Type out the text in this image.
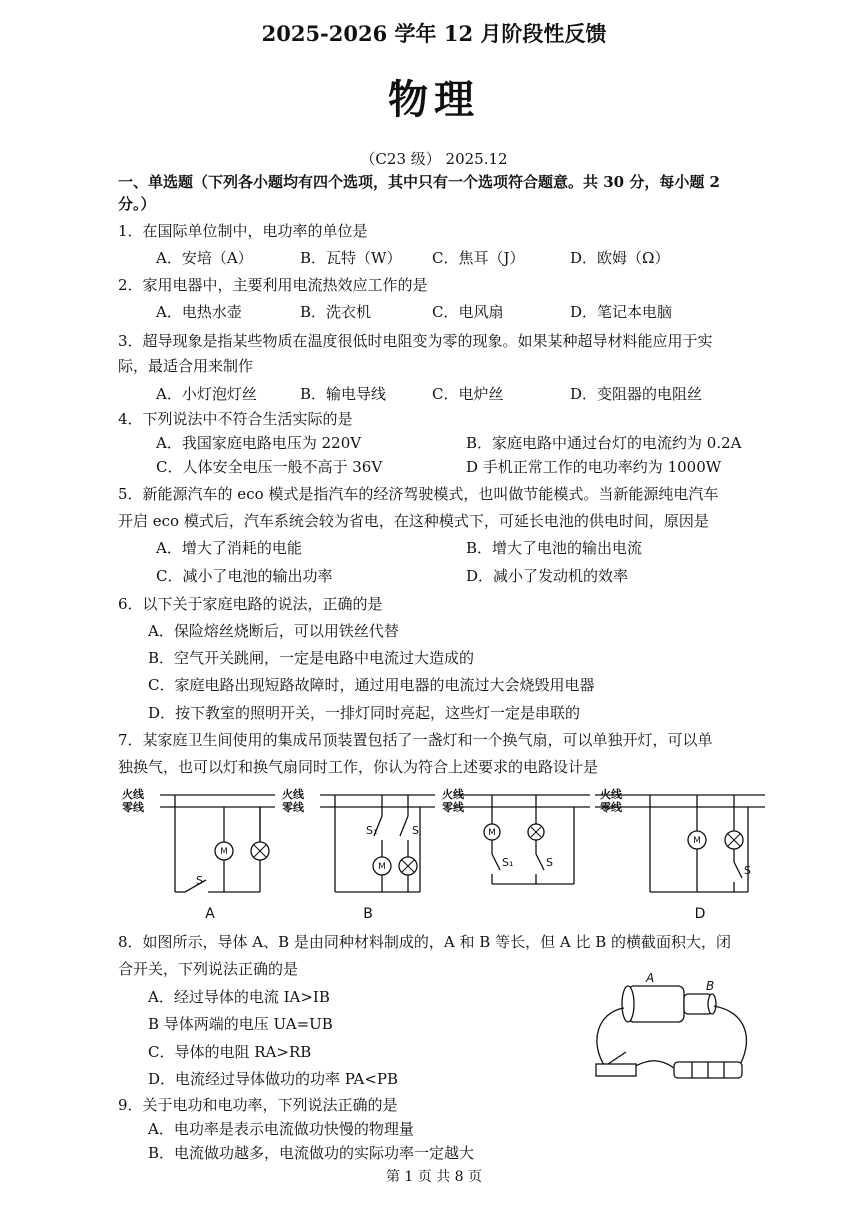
2025-2026 学年 12 月阶段性反馈
物理
（C23 级） 2025.12
一、单选题（下列各小题均有四个选项，其中只有一个选项符合题意。共 30 分，每小题 2
分。）
1．在国际单位制中，电功率的单位是
A．安培（A）	B．瓦特（W） C．焦耳（J）	D．欧姆（Ω）
2．家用电器中，主要利用电流热效应工作的是
A．电热水壶	B．洗衣机	C．电风扇	D．笔记本电脑
3．超导现象是指某些物质在温度很低时电阻变为零的现象。如果某种超导材料能应用于实
际，最适合用来制作
A．小灯泡灯丝	B．输电导线	C．电炉丝	D．变阻器的电阻丝
4．下列说法中不符合生活实际的是
A．我国家庭电路电压为 220V	B．家庭电路中通过台灯的电流约为 0.2A
C．人体安全电压一般不高于 36V	D 手机正常工作的电功率约为 1000W
5．新能源汽车的 eco 模式是指汽车的经济驾驶模式，也叫做节能模式。当新能源纯电汽车
开启 eco 模式后，汽车系统会较为省电，在这种模式下，可延长电池的供电时间，原因是
A．增大了消耗的电能	B．增大了电池的输出电流
C．减小了电池的输出功率	D．减小了发动机的效率
6．以下关于家庭电路的说法，正确的是
A．保险熔丝烧断后，可以用铁丝代替
B．空气开关跳闸，一定是电路中电流过大造成的
C．家庭电路出现短路故障时，通过用电器的电流过大会烧毁用电器
D．按下教室的照明开关，一排灯同时亮起，这些灯一定是串联的
7．某家庭卫生间使用的集成吊顶装置包括了一盏灯和一个换气扇，可以单独开灯，可以单
独换气，也可以灯和换气扇同时工作，你认为符合上述要求的电路设计是
M
M
M
M
火线
零线
火线
零线
火线
零线
火线
零线
S
S₁	S
S₁	S
S
A	B	D
8．如图所示，导体 A、B 是由同种材料制成的，A 和 B 等长，但 A 比 B 的横截面积大，闭
合开关，下列说法正确的是
A．经过导体的电流 IA>IB
B 导体两端的电压 UA=UB
C．导体的电阻 RA>RB
D．电流经过导体做功的功率 PA<PB
A
B
9．关于电功和电功率，下列说法正确的是
A．电功率是表示电流做功快慢的物理量
B．电流做功越多，电流做功的实际功率一定越大
第 1 页 共 8 页
